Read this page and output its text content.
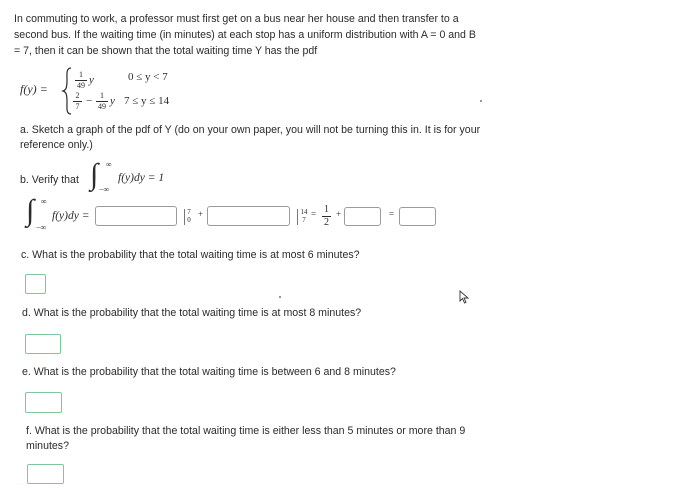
In commuting to work, a professor must first get on a bus near her house and then transfer to a
second bus. If the waiting time (in minutes) at each stop has a uniform distribution with A = 0 and B
= 7, then it can be shown that the total waiting time Y has the pdf
f(y) =
1
49 y	0 ≤ y < 7
2
7 − 1
49 y 7 ≤ y ≤ 14
a. Sketch a graph of the pdf of Y (do on your own paper, you will not be turning this in. It is for your
reference only.)
b. Verify that ∫ ∞
−∞
f(y)dy = 1
∫ ∞
−∞
f(y)dy =	7
0
+	14
7
= 1
2
+	=
c. What is the probability that the total waiting time is at most 6 minutes?
d. What is the probability that the total waiting time is at most 8 minutes?
e. What is the probability that the total waiting time is between 6 and 8 minutes?
f. What is the probability that the total waiting time is either less than 5 minutes or more than 9
minutes?
